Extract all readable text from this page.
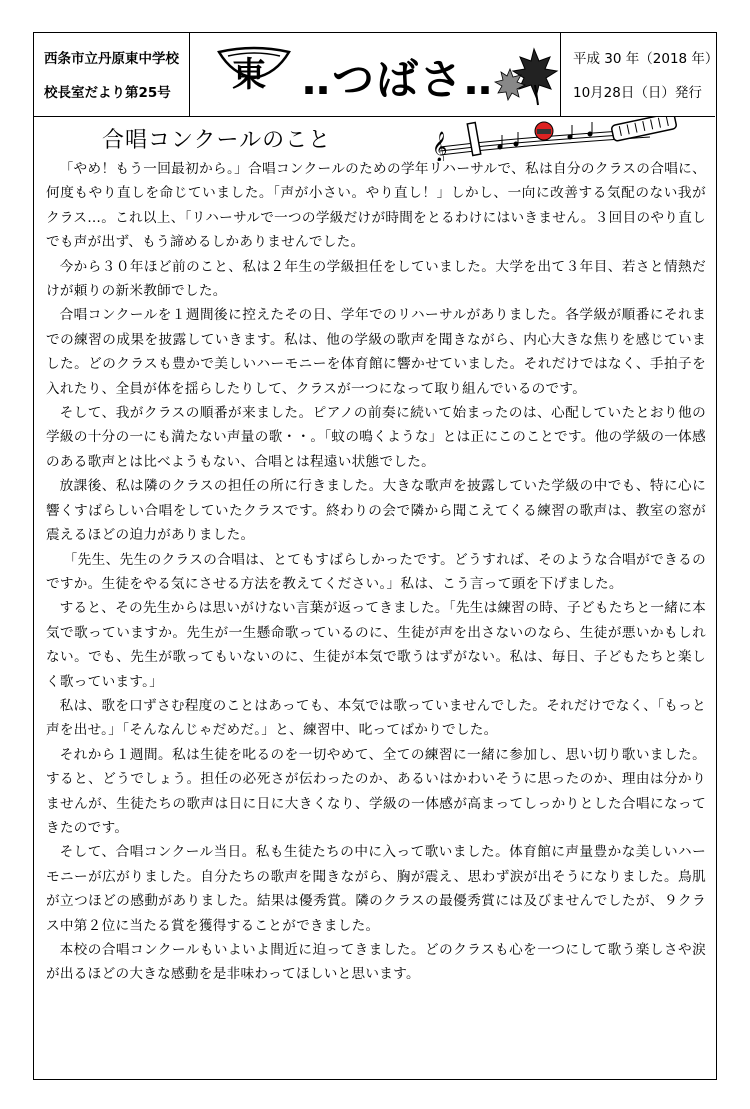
西条市立丹原東中学校
校長室だより第25号 東 ‥つばさ‥	平成 30 年（2018 年）
10月28日（日）発行
合唱コンクールのこと	𝄞

「やめ！もう一回最初から。」合唱コンクールのための学年リハーサルで、私は自分のクラスの合唱に、何度もやり直しを命じていました。「声が小さい。やり直し！」しかし、一向に改善する気配のない我がクラス…。これ以上、「リハーサルで一つの学級だけが時間をとるわけにはいきません。３回目のやり直しでも声が出ず、もう諦めるしかありませんでした。

今から３０年ほど前のこと、私は２年生の学級担任をしていました。大学を出て３年目、若さと情熱だけが頼りの新米教師でした。

合唱コンクールを１週間後に控えたその日、学年でのリハーサルがありました。各学級が順番にそれまでの練習の成果を披露していきます。私は、他の学級の歌声を聞きながら、内心大きな焦りを感じていました。どのクラスも豊かで美しいハーモニーを体育館に響かせていました。それだけではなく、手拍子を入れたり、全員が体を揺らしたりして、クラスが一つになって取り組んでいるのです。

そして、我がクラスの順番が来ました。ピアノの前奏に続いて始まったのは、心配していたとおり他の学級の十分の一にも満たない声量の歌・・。「蚊の鳴くような」とは正にこのことです。他の学級の一体感のある歌声とは比べようもない、合唱とは程遠い状態でした。

放課後、私は隣のクラスの担任の所に行きました。大きな歌声を披露していた学級の中でも、特に心に響くすばらしい合唱をしていたクラスです。終わりの会で隣から聞こえてくる練習の歌声は、教室の窓が震えるほどの迫力がありました。

「先生、先生のクラスの合唱は、とてもすばらしかったです。どうすれば、そのような合唱ができるのですか。生徒をやる気にさせる方法を教えてください。」私は、こう言って頭を下げました。

すると、その先生からは思いがけない言葉が返ってきました。「先生は練習の時、子どもたちと一緒に本気で歌っていますか。先生が一生懸命歌っているのに、生徒が声を出さないのなら、生徒が悪いかもしれない。でも、先生が歌ってもいないのに、生徒が本気で歌うはずがない。私は、毎日、子どもたちと楽しく歌っています。」

私は、歌を口ずさむ程度のことはあっても、本気では歌っていませんでした。それだけでなく、「もっと声を出せ。」「そんなんじゃだめだ。」と、練習中、叱ってばかりでした。

それから１週間。私は生徒を叱るのを一切やめて、全ての練習に一緒に参加し、思い切り歌いました。すると、どうでしょう。担任の必死さが伝わったのか、あるいはかわいそうに思ったのか、理由は分かりませんが、生徒たちの歌声は日に日に大きくなり、学級の一体感が高まってしっかりとした合唱になってきたのです。

そして、合唱コンクール当日。私も生徒たちの中に入って歌いました。体育館に声量豊かな美しいハーモニーが広がりました。自分たちの歌声を聞きながら、胸が震え、思わず涙が出そうになりました。鳥肌が立つほどの感動がありました。結果は優秀賞。隣のクラスの最優秀賞には及びませんでしたが、９クラス中第２位に当たる賞を獲得することができました。

本校の合唱コンクールもいよいよ間近に迫ってきました。どのクラスも心を一つにして歌う楽しさや涙が出るほどの大きな感動を是非味わってほしいと思います。
